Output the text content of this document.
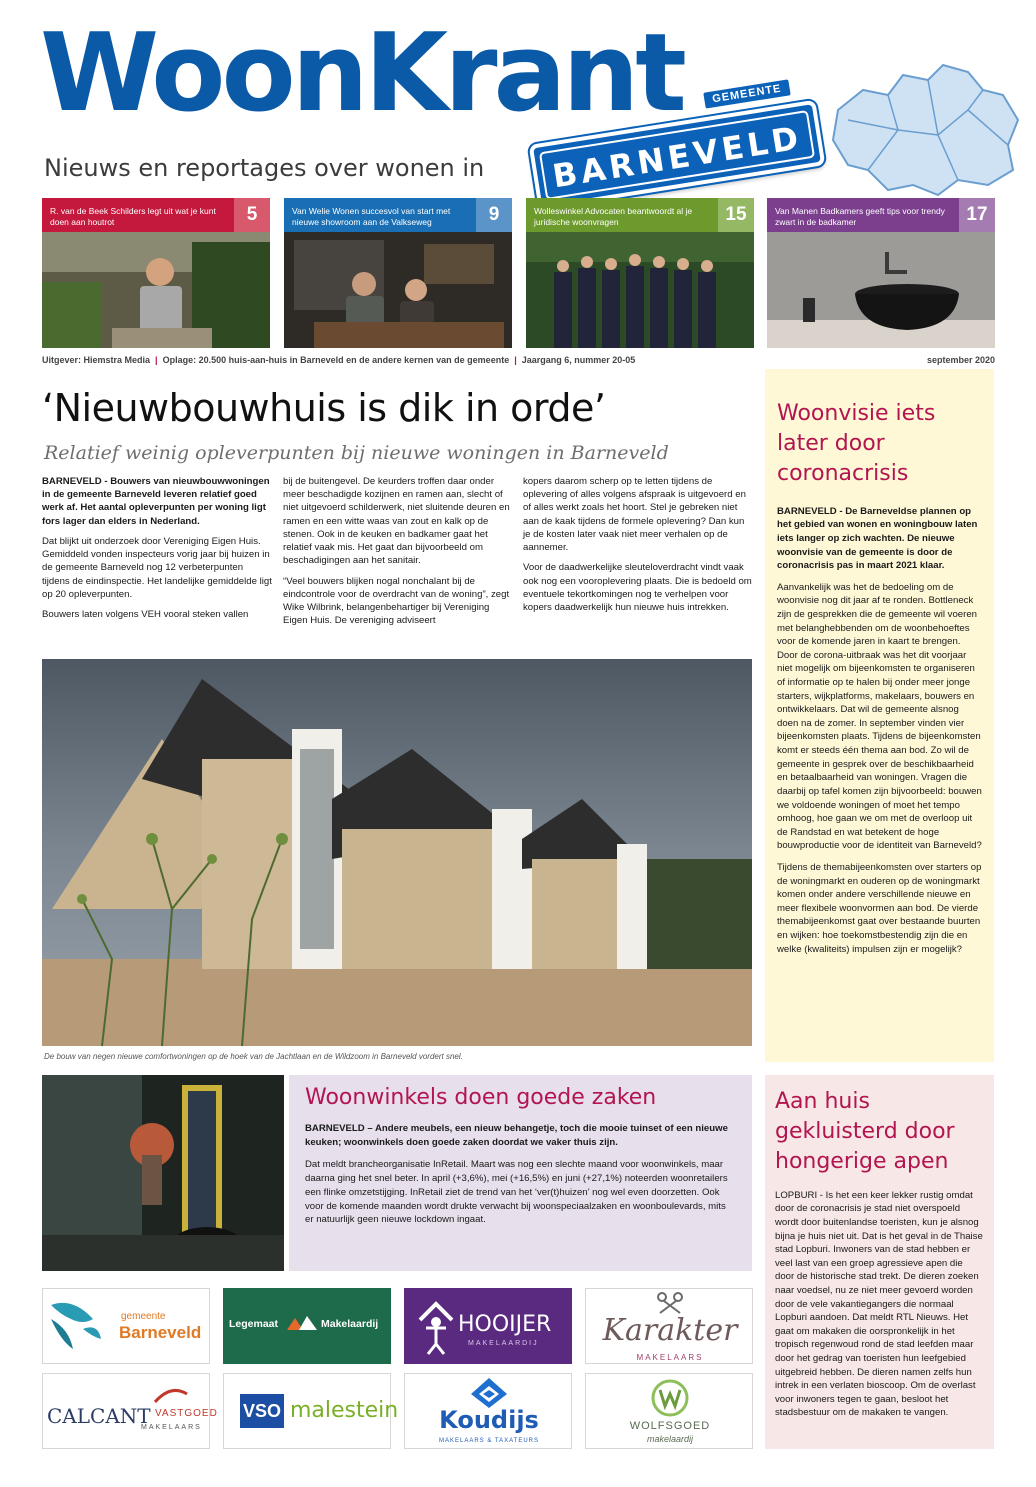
WoonKrant
Nieuws en reportages over wonen in	BARNEVELD
GEMEENTE
R. van de Beek Schilders legt uit wat je kunt doen aan houtrot	5	Van Welie Wonen succesvol van start met nieuwe showroom aan de Valkseweg	9	Wolleswinkel Advocaten beantwoordt al je juridische woonvragen	15	Van Manen Badkamers geeft tips voor trendy zwart in de badkamer	17
Uitgever: Hiemstra Media | Oplage: 20.500 huis-aan-huis in Barneveld en de andere kernen van de gemeente | Jaargang 6, nummer 20-05	september 2020
‘Nieuwbouwhuis is dik in orde’
Relatief weinig opleverpunten bij nieuwe woningen in Barneveld

BARNEVELD - Bouwers van nieuwbouwwoningen in de gemeente Barneveld leveren relatief goed werk af. Het aantal opleverpunten per woning ligt fors lager dan elders in Nederland.

Dat blijkt uit onderzoek door Vereniging Eigen Huis. Gemiddeld vonden inspecteurs vorig jaar bij huizen in de gemeente Barneveld nog 12 verbeterpunten tijdens de eindinspectie. Het landelijke gemiddelde ligt op 20 opleverpunten.

Bouwers laten volgens VEH vooral steken vallen

bij de buitengevel. De keurders troffen daar onder meer beschadigde kozijnen en ramen aan, slecht of niet uitgevoerd schilderwerk, niet sluitende deuren en ramen en een witte waas van zout en kalk op de stenen. Ook in de keuken en badkamer gaat het relatief vaak mis. Het gaat dan bijvoorbeeld om beschadigingen aan het sanitair.

“Veel bouwers blijken nogal nonchalant bij de eindcontrole voor de overdracht van de woning”, zegt Wike Wilbrink, belangenbehartiger bij Vereniging Eigen Huis. De vereniging adviseert

kopers daarom scherp op te letten tijdens de oplevering of alles volgens afspraak is uitgevoerd en of alles werkt zoals het hoort. Stel je gebreken niet aan de kaak tijdens de formele oplevering? Dan kun je de kosten later vaak niet meer verhalen op de aannemer.

Voor de daadwerkelijke sleuteloverdracht vindt vaak ook nog een vooroplevering plaats. Die is bedoeld om eventuele tekortkomingen nog te verhelpen voor kopers daadwerkelijk hun nieuwe huis intrekken.

De bouw van negen nieuwe comfortwoningen op de hoek van de Jachtlaan en de Wildzoom in Barneveld vordert snel.
Woonvisie iets later door coronacrisis

BARNEVELD - De Barneveldse plannen op het gebied van wonen en woningbouw laten iets langer op zich wachten. De nieuwe woonvisie van de gemeente is door de coronacrisis pas in maart 2021 klaar.

Aanvankelijk was het de bedoeling om de woonvisie nog dit jaar af te ronden. Bottleneck zijn de gesprekken die de gemeente wil voeren met belanghebbenden om de woonbehoeftes voor de komende jaren in kaart te brengen. Door de corona-uitbraak was het dit voorjaar niet mogelijk om bijeenkomsten te organiseren of informatie op te halen bij onder meer jonge starters, wijkplatforms, makelaars, bouwers en ontwikkelaars. Dat wil de gemeente alsnog doen na de zomer. In september vinden vier bijeenkomsten plaats. Tijdens de bijeenkomsten komt er steeds één thema aan bod. Zo wil de gemeente in gesprek over de beschikbaarheid en betaalbaarheid van woningen. Vragen die daarbij op tafel komen zijn bijvoorbeeld: bouwen we voldoende woningen of moet het tempo omhoog, hoe gaan we om met de overloop uit de Randstad en wat betekent de hoge bouwproductie voor de identiteit van Barneveld?

Tijdens de themabijeenkomsten over starters op de woningmarkt en ouderen op de woningmarkt komen onder andere verschillende nieuwe en meer flexibele woonvormen aan bod. De vierde themabijeenkomst gaat over bestaande buurten en wijken: hoe toekomstbestendig zijn die en welke (kwaliteits) impulsen zijn er mogelijk?

Woonwinkels doen goede zaken

BARNEVELD – Andere meubels, een nieuw behangetje, toch die mooie tuinset of een nieuwe keuken; woonwinkels doen goede zaken doordat we vaker thuis zijn.

Dat meldt brancheorganisatie InRetail. Maart was nog een slechte maand voor woonwinkels, maar daarna ging het snel beter. In april (+3,6%), mei (+16,5%) en juni (+27,1%) noteerden woonretailers een flinke omzetstijging. InRetail ziet de trend van het ‘ver(t)huizen’ nog wel even doorzetten. Ook voor de komende maanden wordt drukte verwacht bij woonspeciaalzaken en woonboulevards, mits er natuurlijk geen nieuwe lockdown ingaat.

Aan huis gekluisterd door hongerige apen

LOPBURI - Is het een keer lekker rustig omdat door de coronacrisis je stad niet overspoeld wordt door buitenlandse toeristen, kun je alsnog bijna je huis niet uit. Dat is het geval in de Thaise stad Lopburi. Inwoners van de stad hebben er veel last van een groep agressieve apen die door de historische stad trekt. De dieren zoeken naar voedsel, nu ze niet meer gevoerd worden door de vele vakantiegangers die normaal Lopburi aandoen. Dat meldt RTL Nieuws. Het gaat om makaken die oorspronkelijk in het tropisch regenwoud rond de stad leefden maar door het gedrag van toeristen hun leefgebied uitgebreid hebben. De dieren namen zelfs hun intrek in een verlaten bioscoop. Om de overlast voor inwoners tegen te gaan, besloot het stadsbestuur om de makaken te vangen.

gemeente
Barneveld	Legemaat	Makelaardij	HOOIJER
MAKELAARDIJ Karakter
MAKELAARS
CALCANT VASTGOED
MAKELAARS
VSO malestein	Koudijs
MAKELAARS & TAXATEURS
WOLFSGOED
makelaardij
